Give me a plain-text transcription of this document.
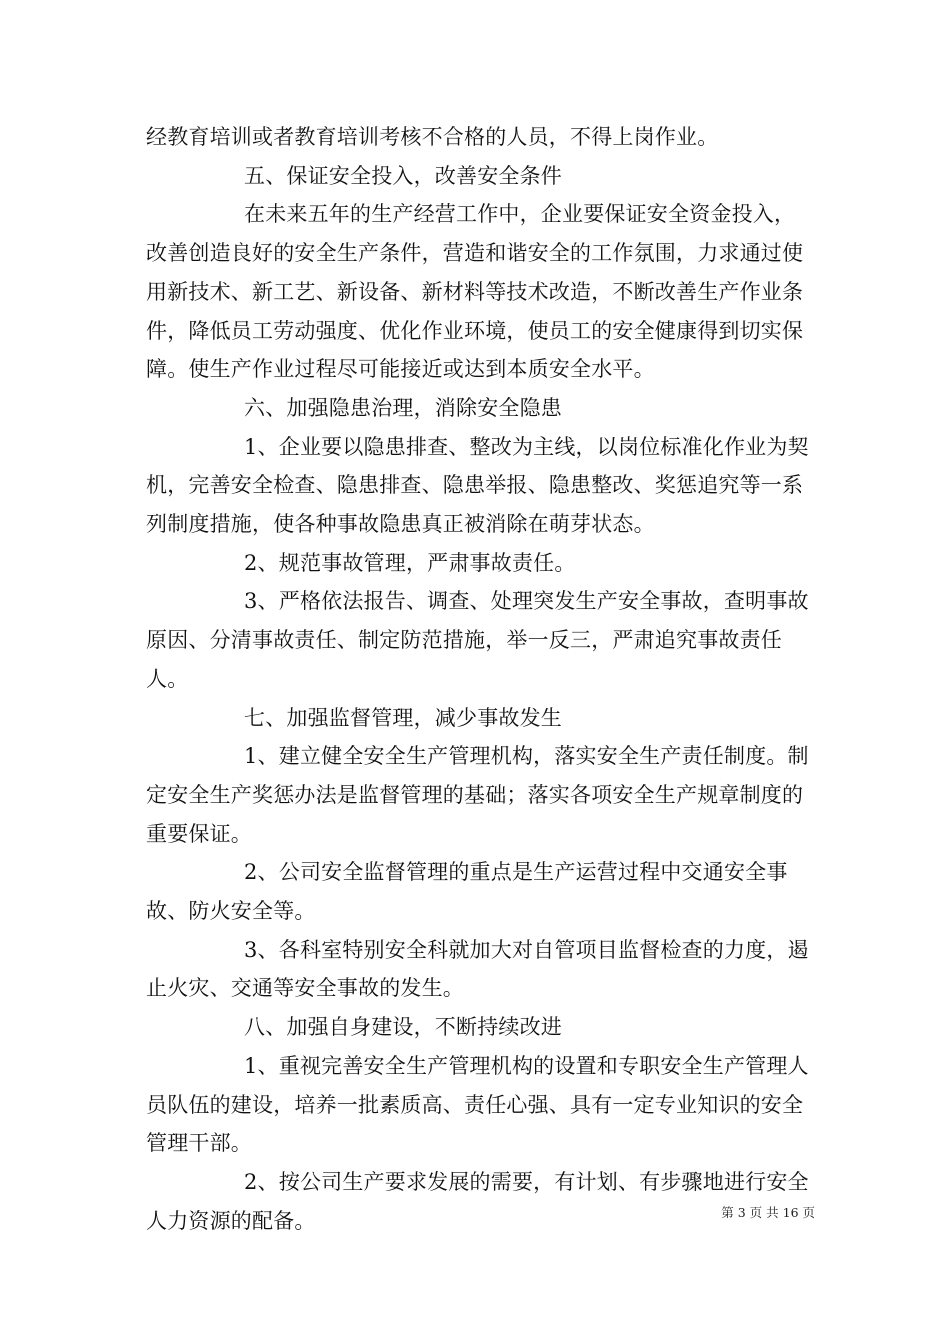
经教育培训或者教育培训考核不合格的人员，不得上岗作业。

五、保证安全投入，改善安全条件

在未来五年的生产经营工作中，企业要保证安全资金投入，改善创造良好的安全生产条件，营造和谐安全的工作氛围，力求通过使用新技术、新工艺、新设备、新材料等技术改造，不断改善生产作业条件，降低员工劳动强度、优化作业环境，使员工的安全健康得到切实保障。使生产作业过程尽可能接近或达到本质安全水平。

六、加强隐患治理，消除安全隐患

1、企业要以隐患排查、整改为主线，以岗位标准化作业为契机，完善安全检查、隐患排查、隐患举报、隐患整改、奖惩追究等一系列制度措施，使各种事故隐患真正被消除在萌芽状态。

2、规范事故管理，严肃事故责任。

3、严格依法报告、调查、处理突发生产安全事故，查明事故原因、分清事故责任、制定防范措施，举一反三，严肃追究事故责任人。

七、加强监督管理，减少事故发生

1、建立健全安全生产管理机构，落实安全生产责任制度。制定安全生产奖惩办法是监督管理的基础；落实各项安全生产规章制度的重要保证。

2、公司安全监督管理的重点是生产运营过程中交通安全事故、防火安全等。

3、各科室特别安全科就加大对自管项目监督检查的力度，遏止火灾、交通等安全事故的发生。

八、加强自身建设，不断持续改进

1、重视完善安全生产管理机构的设置和专职安全生产管理人员队伍的建设，培养一批素质高、责任心强、具有一定专业知识的安全管理干部。

2、按公司生产要求发展的需要，有计划、有步骤地进行安全人力资源的配备。	第 3 页 共 16 页
